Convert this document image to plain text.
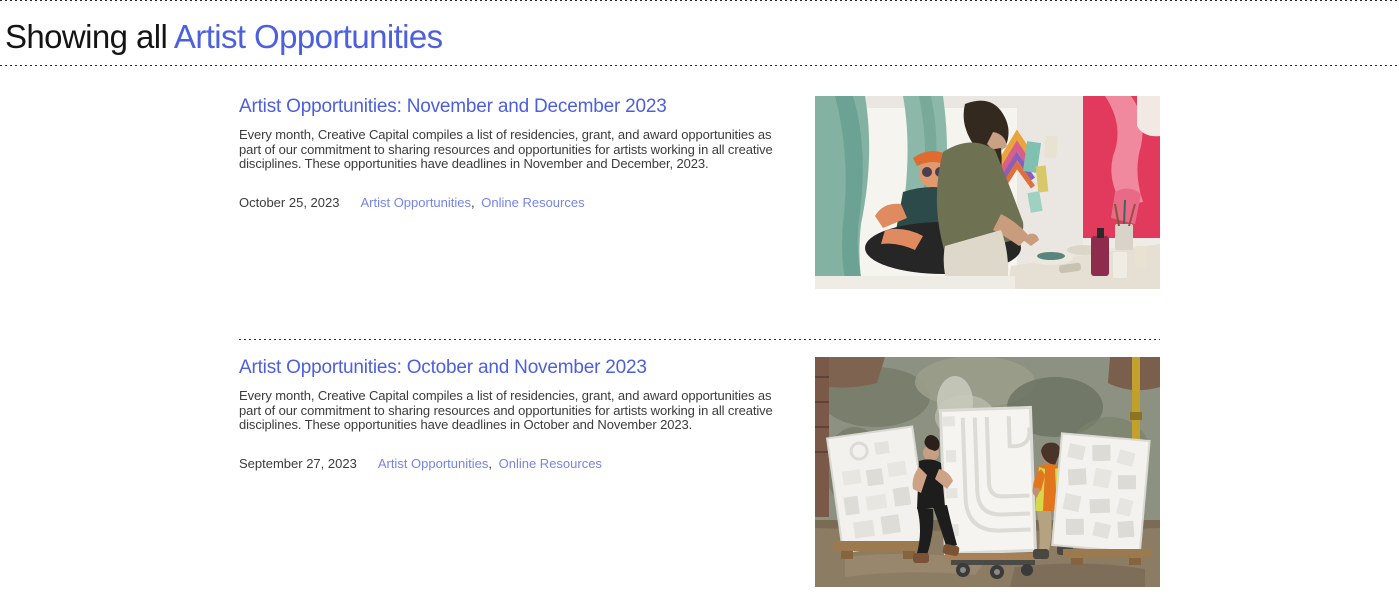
Showing all Artist Opportunities
Artist Opportunities: November and December 2023

Every month, Creative Capital compiles a list of residencies, grant, and award opportunities as part of our commitment to sharing resources and opportunities for artists working in all creative disciplines. These opportunities have deadlines in November and December, 2023.

October 25, 2023 Artist Opportunities, Online Resources
Artist Opportunities: October and November 2023

Every month, Creative Capital compiles a list of residencies, grant, and award opportunities as part of our commitment to sharing resources and opportunities for artists working in all creative disciplines. These opportunities have deadlines in October and November 2023.

September 27, 2023 Artist Opportunities, Online Resources
